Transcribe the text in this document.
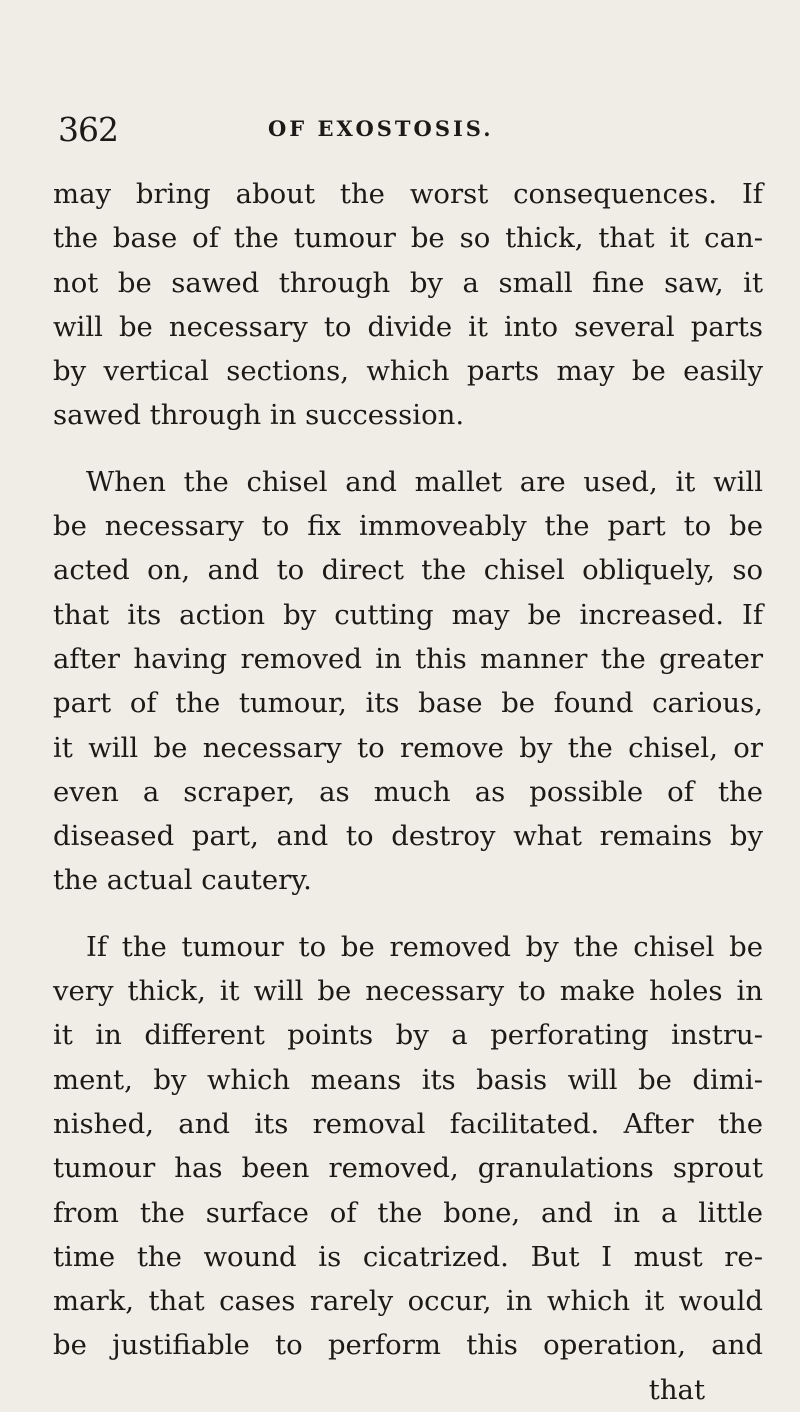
362	OF EXOSTOSIS.
may bring about the worst consequences. If
the base of the tumour be so thick, that it can-
not be sawed through by a small fine saw, it
will be necessary to divide it into several parts
by vertical sections, which parts may be easily
sawed through in succession.
When the chisel and mallet are used, it will
be necessary to fix immoveably the part to be
acted on, and to direct the chisel obliquely, so
that its action by cutting may be increased. If
after having removed in this manner the greater
part of the tumour, its base be found carious,
it will be necessary to remove by the chisel, or
even a scraper, as much as possible of the
diseased part, and to destroy what remains by
the actual cautery.
If the tumour to be removed by the chisel be
very thick, it will be necessary to make holes in
it in different points by a perforating instru-
ment, by which means its basis will be dimi-
nished, and its removal facilitated. After the
tumour has been removed, granulations sprout
from the surface of the bone, and in a little
time the wound is cicatrized. But I must re-
mark, that cases rarely occur, in which it would
be justifiable to perform this operation, and
that
